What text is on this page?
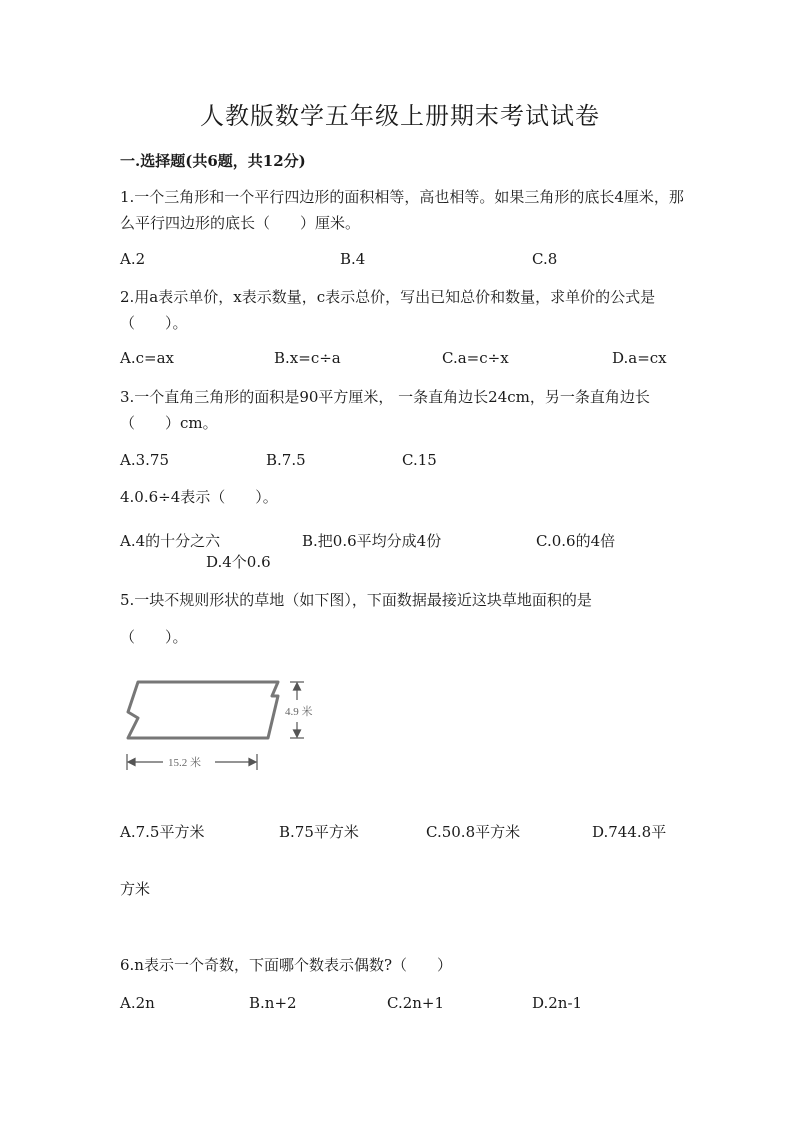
人教版数学五年级上册期末考试试卷
一.选择题(共6题，共12分)
1.一个三角形和一个平行四边形的面积相等，高也相等。如果三角形的底长4厘米，那么平行四边形的底长（　　）厘米。
A.2	B.4	C.8
2.用a表示单价，x表示数量，c表示总价，写出已知总价和数量，求单价的公式是（　　）。
A.c=ax	B.x=c÷a	C.a=c÷x	D.a=cx
3.一个直角三角形的面积是90平方厘米， 一条直角边长24cm，另一条直角边长（　　）cm。
A.3.75	B.7.5	C.15
4.0.6÷4表示（　　）。
A.4的十分之六	B.把0.6平均分成4份	C.0.6的4倍
D.4个0.6
5.一块不规则形状的草地（如下图），下面数据最接近这块草地面积的是
（　　）。
4.9 米
15.2 米
A.7.5平方米	B.75平方米	C.50.8平方米	D.744.8平
方米
6.n表示一个奇数，下面哪个数表示偶数?（　　）
A.2n	B.n+2	C.2n+1	D.2n-1
